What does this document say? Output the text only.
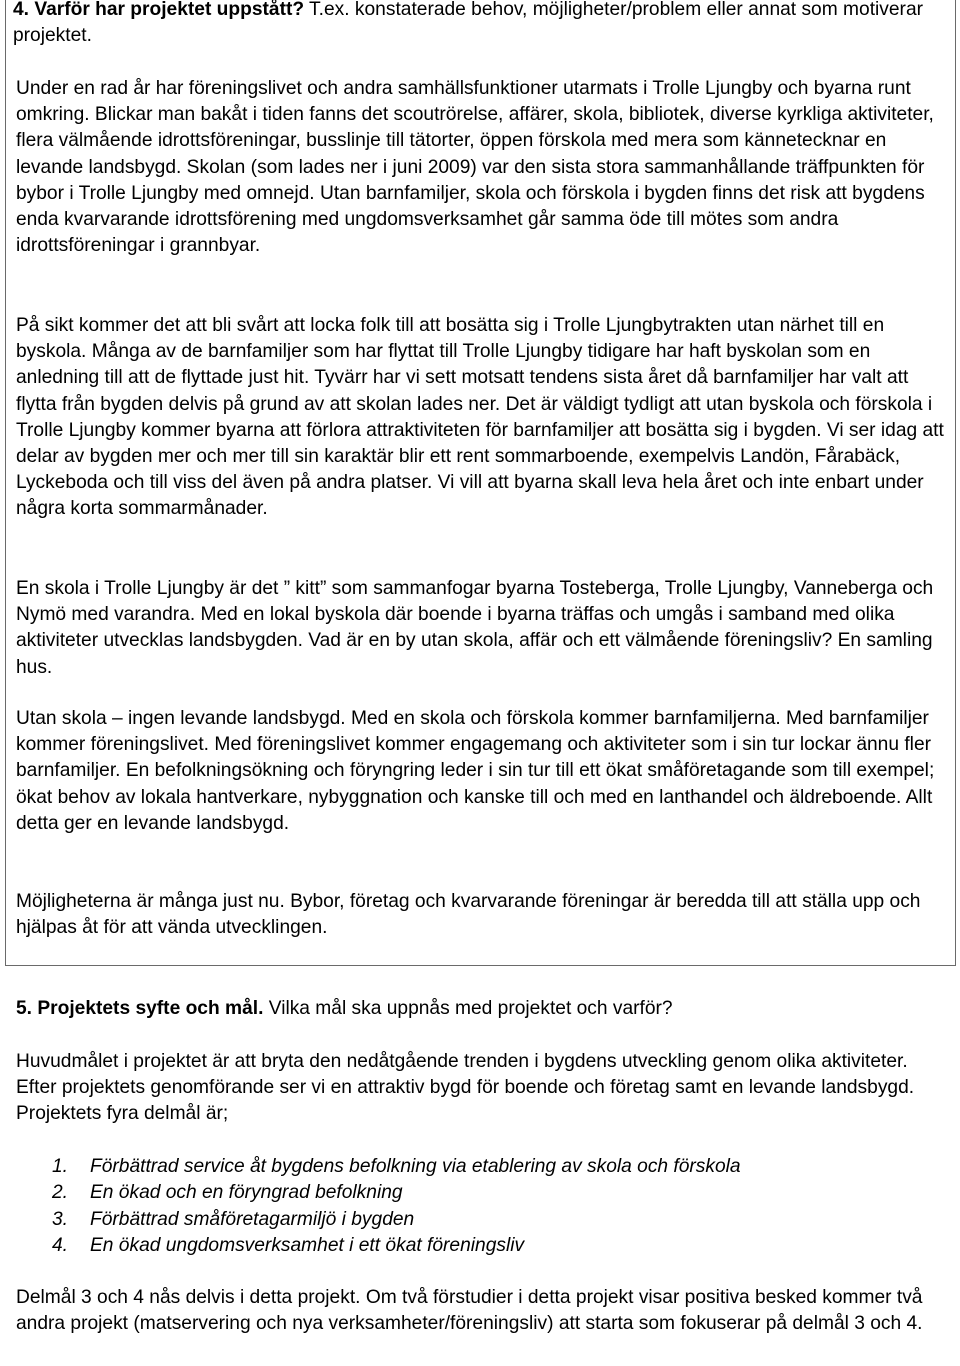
4. Varför har projektet uppstått? T.ex. konstaterade behov, möjligheter/problem eller annat som motiverar projektet.

Under en rad år har föreningslivet och andra samhällsfunktioner utarmats i Trolle Ljungby och byarna runt omkring. Blickar man bakåt i tiden fanns det scoutrörelse, affärer, skola, bibliotek, diverse kyrkliga aktiviteter, flera välmående idrottsföreningar, busslinje till tätorter, öppen förskola med mera som kännetecknar en levande landsbygd. Skolan (som lades ner i juni 2009) var den sista stora sammanhållande träffpunkten för bybor i Trolle Ljungby med omnejd. Utan barnfamiljer, skola och förskola i bygden finns det risk att bygdens enda kvarvarande idrottsförening med ungdomsverksamhet går samma öde till mötes som andra idrottsföreningar i grannbyar.

På sikt kommer det att bli svårt att locka folk till att bosätta sig i Trolle Ljungbytrakten utan närhet till en byskola. Många av de barnfamiljer som har flyttat till Trolle Ljungby tidigare har haft byskolan som en anledning till att de flyttade just hit. Tyvärr har vi sett motsatt tendens sista året då barnfamiljer har valt att flytta från bygden delvis på grund av att skolan lades ner. Det är väldigt tydligt att utan byskola och förskola i Trolle Ljungby kommer byarna att förlora attraktiviteten för barnfamiljer att bosätta sig i bygden. Vi ser idag att delar av bygden mer och mer till sin karaktär blir ett rent sommarboende, exempelvis Landön, Fårabäck, Lyckeboda och till viss del även på andra platser. Vi vill att byarna skall leva hela året och inte enbart under några korta sommarmånader.

En skola i Trolle Ljungby är det ” kitt” som sammanfogar byarna Tosteberga, Trolle Ljungby, Vanneberga och Nymö med varandra. Med en lokal byskola där boende i byarna träffas och umgås i samband med olika aktiviteter utvecklas landsbygden. Vad är en by utan skola, affär och ett välmående föreningsliv? En samling hus.

Utan skola – ingen levande landsbygd. Med en skola och förskola kommer barnfamiljerna. Med barnfamiljer kommer föreningslivet. Med föreningslivet kommer engagemang och aktiviteter som i sin tur lockar ännu fler barnfamiljer. En befolkningsökning och föryngring leder i sin tur till ett ökat småföretagande som till exempel; ökat behov av lokala hantverkare, nybyggnation och kanske till och med en lanthandel och äldreboende. Allt detta ger en levande landsbygd.

Möjligheterna är många just nu. Bybor, företag och kvarvarande föreningar är beredda till att ställa upp och hjälpas åt för att vända utvecklingen.

5. Projektets syfte och mål. Vilka mål ska uppnås med projektet och varför?

Huvudmålet i projektet är att bryta den nedåtgående trenden i bygdens utveckling genom olika aktiviteter. Efter projektets genomförande ser vi en attraktiv bygd för boende och företag samt en levande landsbygd. Projektets fyra delmål är;

1. Förbättrad service åt bygdens befolkning via etablering av skola och förskola
2. En ökad och en föryngrad befolkning
3. Förbättrad småföretagarmiljö i bygden
4. En ökad ungdomsverksamhet i ett ökat föreningsliv

Delmål 3 och 4 nås delvis i detta projekt. Om två förstudier i detta projekt visar positiva besked kommer två andra projekt (matservering och nya verksamheter/föreningsliv) att starta som fokuserar på delmål 3 och 4.
